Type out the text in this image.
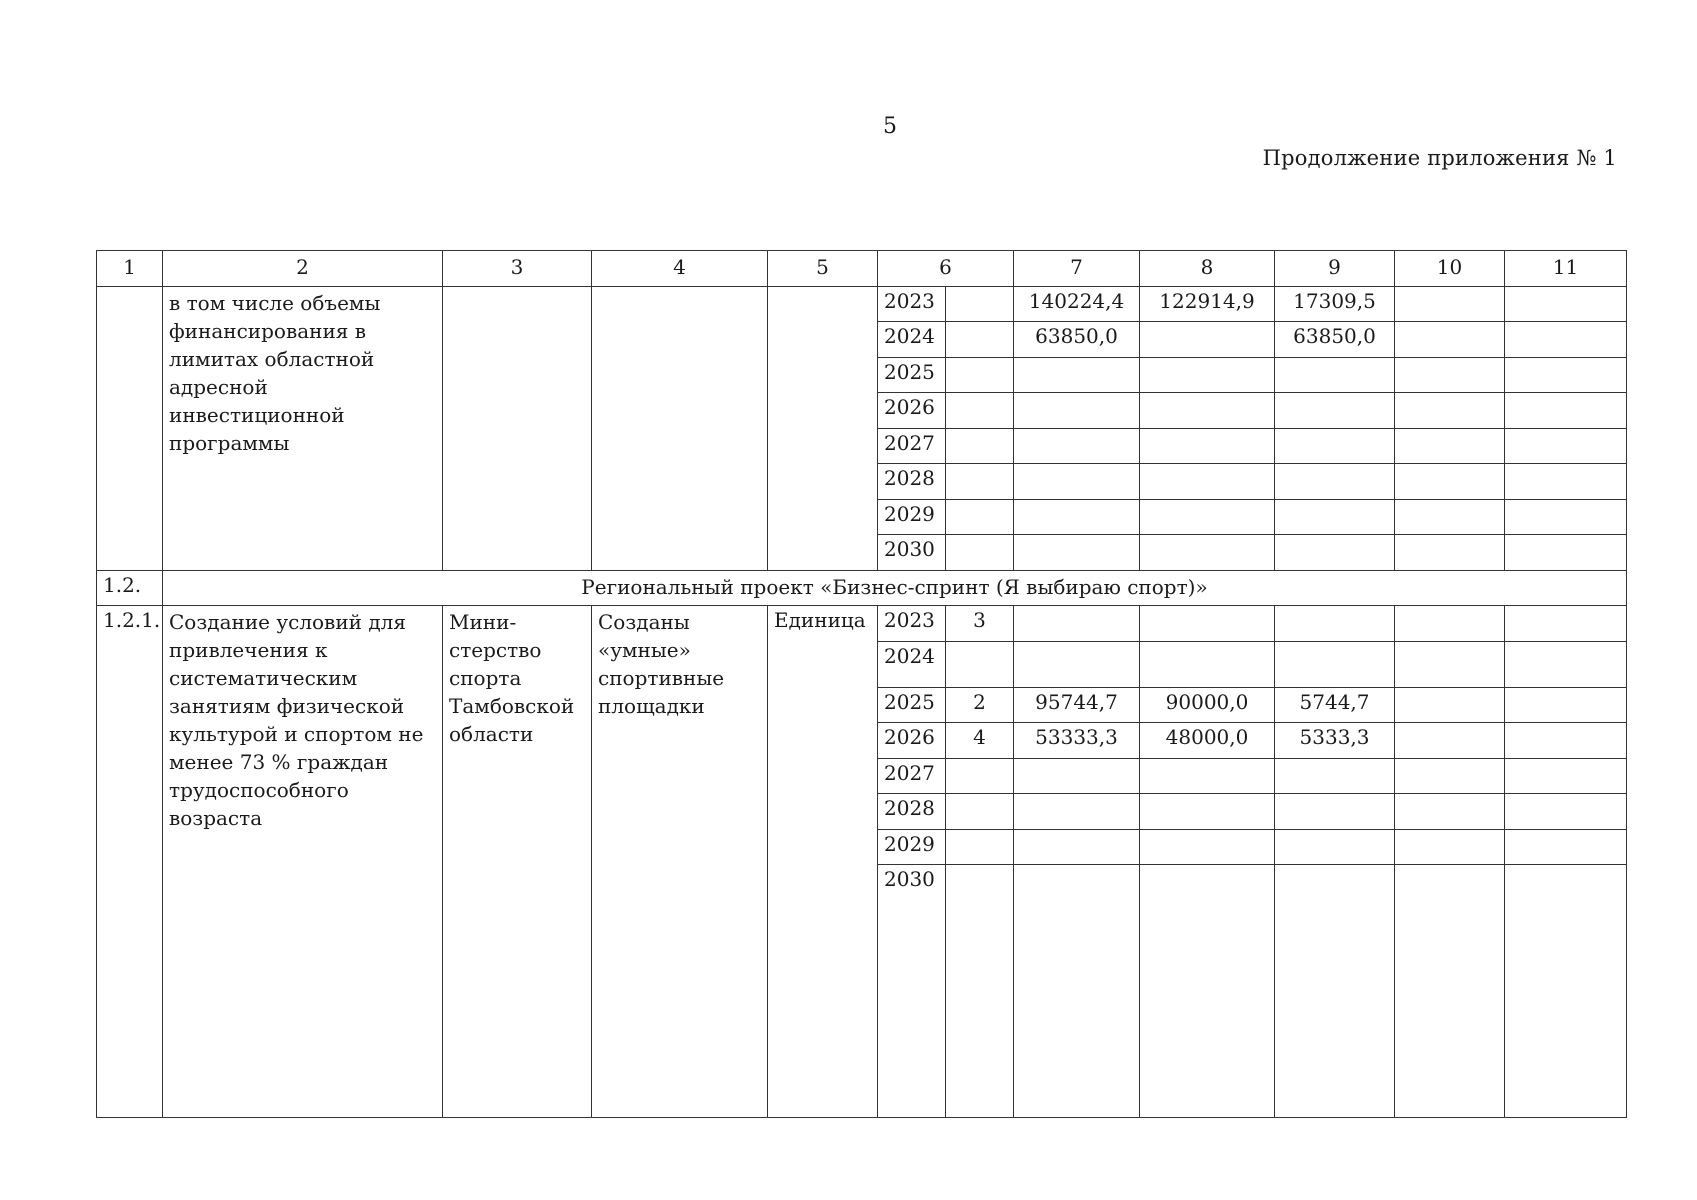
5
Продолжение приложения № 1
1	2	3	4	5	6		7	8	9	10	11
	в том числе объемы финансирования в лимитах областной адресной инвестиционной программы				2023		140224,4	122914,9	17309,5		
					2024		63850,0		63850,0		
					2025						
					2026						
					2027						
					2028						
					2029						
					2030						
1.2.	Региональный проект «Бизнес-спринт (Я выбираю спорт)»										
1.2.1.	Создание условий для привлечения к систематическим занятиям физической культурой и спортом не менее 73 % граждан трудоспособного возраста	Мини-стерство спорта Тамбовской области	Созданы «умные» спортивные площадки	Единица	2023	3					
					2024						
					2025	2	95744,7	90000,0	5744,7		
					2026	4	53333,3	48000,0	5333,3		
					2027						
					2028						
					2029						
					2030						
